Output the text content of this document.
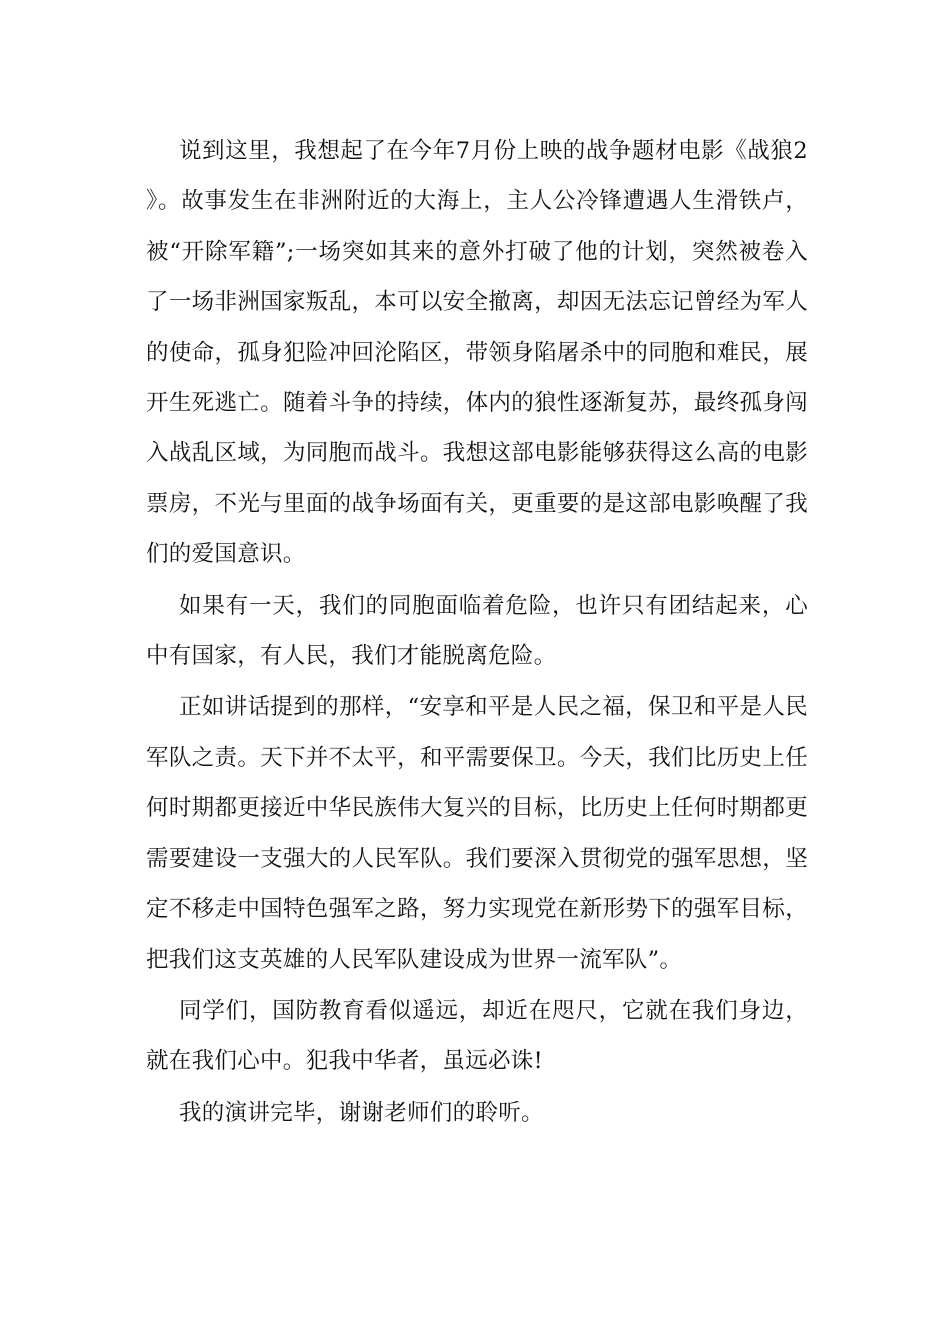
说到这里，我想起了在今年7月份上映的战争题材电影《战狼2》。故事发生在非洲附近的大海上，主人公冷锋遭遇人生滑铁卢，被“开除军籍”;一场突如其来的意外打破了他的计划，突然被卷入了一场非洲国家叛乱，本可以安全撤离，却因无法忘记曾经为军人的使命，孤身犯险冲回沦陷区，带领身陷屠杀中的同胞和难民，展开生死逃亡。随着斗争的持续，体内的狼性逐渐复苏，最终孤身闯入战乱区域，为同胞而战斗。我想这部电影能够获得这么高的电影票房，不光与里面的战争场面有关，更重要的是这部电影唤醒了我们的爱国意识。

如果有一天，我们的同胞面临着危险，也许只有团结起来，心中有国家，有人民，我们才能脱离危险。

正如讲话提到的那样，“安享和平是人民之福，保卫和平是人民军队之责。天下并不太平，和平需要保卫。今天，我们比历史上任何时期都更接近中华民族伟大复兴的目标，比历史上任何时期都更需要建设一支强大的人民军队。我们要深入贯彻党的强军思想，坚定不移走中国特色强军之路，努力实现党在新形势下的强军目标，把我们这支英雄的人民军队建设成为世界一流军队”。

同学们，国防教育看似遥远，却近在咫尺，它就在我们身边，就在我们心中。犯我中华者，虽远必诛!

我的演讲完毕，谢谢老师们的聆听。
